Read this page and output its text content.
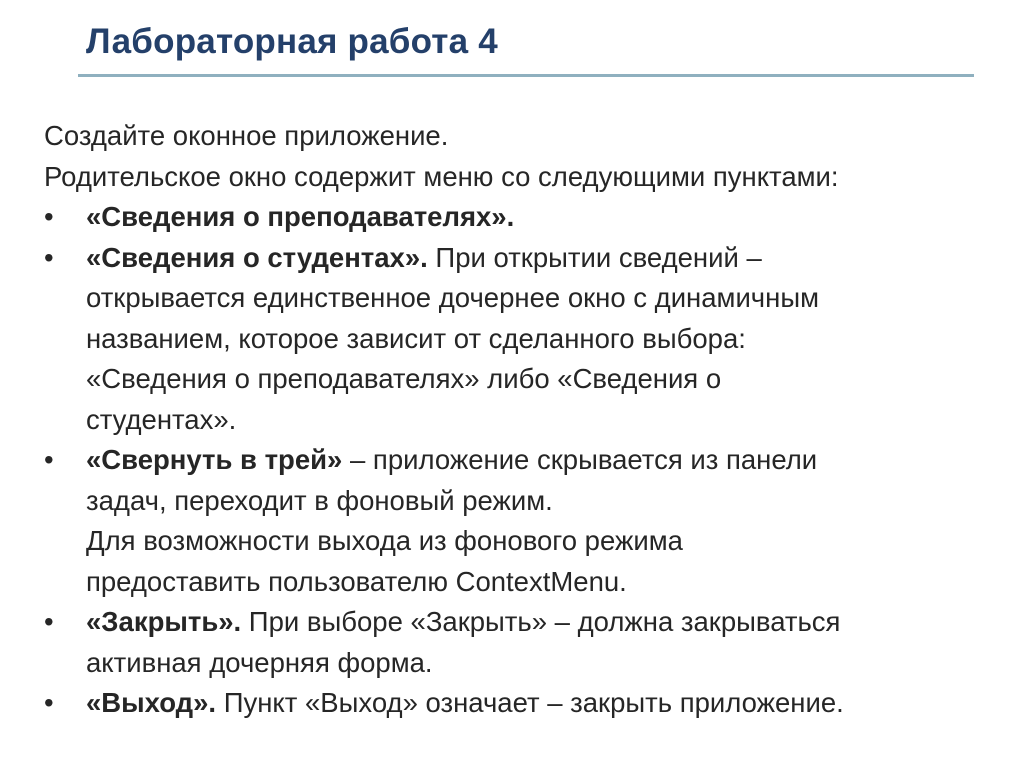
Лабораторная работа 4

Создайте оконное приложение.

Родительское окно содержит меню со следующими пунктами:

•	«Сведения о преподавателях».
•	«Сведения о студентах». При открытии сведений –
открывается единственное дочернее окно с динамичным
названием, которое зависит от сделанного выбора:
«Сведения о преподавателях» либо «Сведения о
студентах».
•	«Свернуть в трей» – приложение скрывается из панели
задач, переходит в фоновый режим.
Для возможности выхода из фонового режима
предоставить пользователю ContextMenu.
•	«Закрыть». При выборе «Закрыть» – должна закрываться
активная дочерняя форма.
•	«Выход». Пункт «Выход» означает – закрыть приложение.
